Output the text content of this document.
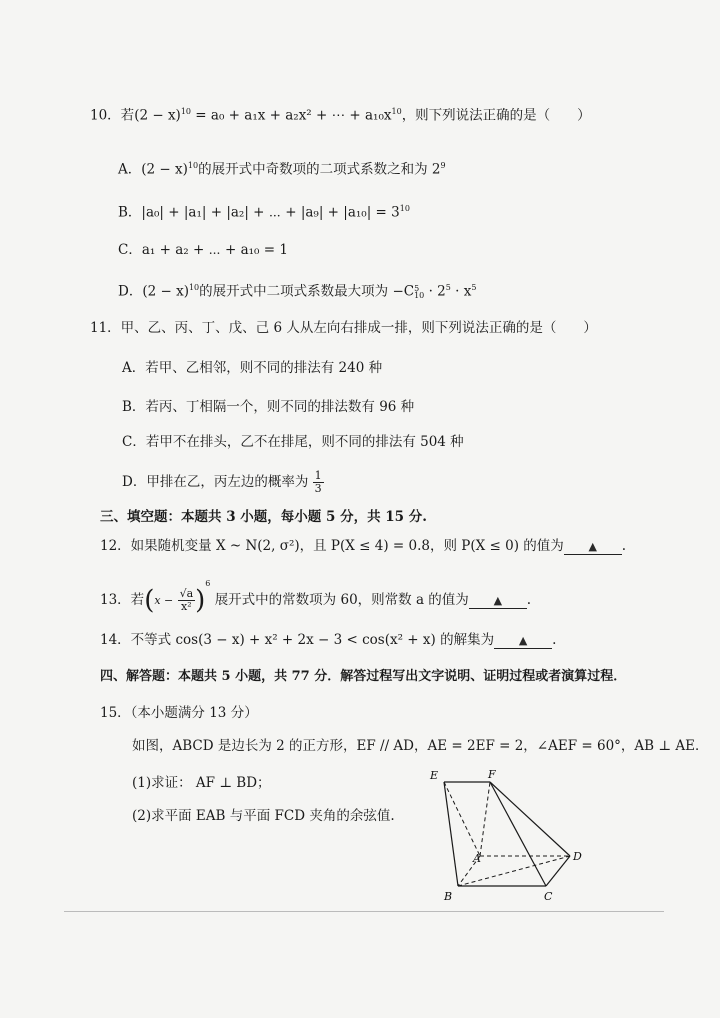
10．若$(2 - x)^{10} = a_0 + a_1x + a_2x^2$ + ⋯ + $a_{10}x^{10}$，则下列说法正确的是（　　）
A．$(2 - x)^{10}$的展开式中奇数项的二项式系数之和为 $2^9$
B．|a₀| + |a₁| + |a₂| + ⋯ + $|a_9| + |a_{10}| = 3^{10}$
C．a₁ + a₂ + ⋯ + a₁₀ = 1
D．$(2 - x)^{10}$的展开式中二项式系数最大项为 −C 5
$10 \cdot 2^5 \cdot x^5$
11．甲、乙、丙、丁、戊、己 6 人从左向右排成一排，则下列说法正确的是（　　）
A．若甲、乙相邻，则不同的排法有 240 种
B．若丙、丁相隔一个，则不同的排法数有 96 种
C．若甲不在排头，乙不在排尾，则不同的排法有 504 种
D．甲排在乙，丙左边的概率为 $\frac{1}{3}$
三、填空题：本题共 3 小题，每小题 5 分，共 15 分.
12．如果随机变量 X ~ N(2, σ²)，且 P(X ≤ 4) = 0.8，则 P(X ≤ 0) 的值为 ▲ .
13．若$(x - \frac{√a}{\text{x²}} )^6$ 展开式中的常数项为 60，则常数 a 的值为 ▲ .
14．不等式 cos(3 − x) + x² + 2x − 3 < cos(x² + x) 的解集为 ▲ .
四、解答题：本题共 5 小题，共 77 分．解答过程写出文字说明、证明过程或者演算过程．
15．（本小题满分 13 分）
如图，ABCD 是边长为 2 的正方形，EF // AD，AE = 2EF = 2，∠AEF = 60°，AB ⊥ AE．
(1)求证： AF ⊥ BD；
(2)求平面 EAB 与平面 FCD 夹角的余弦值.
E	F
A	D
B	C
